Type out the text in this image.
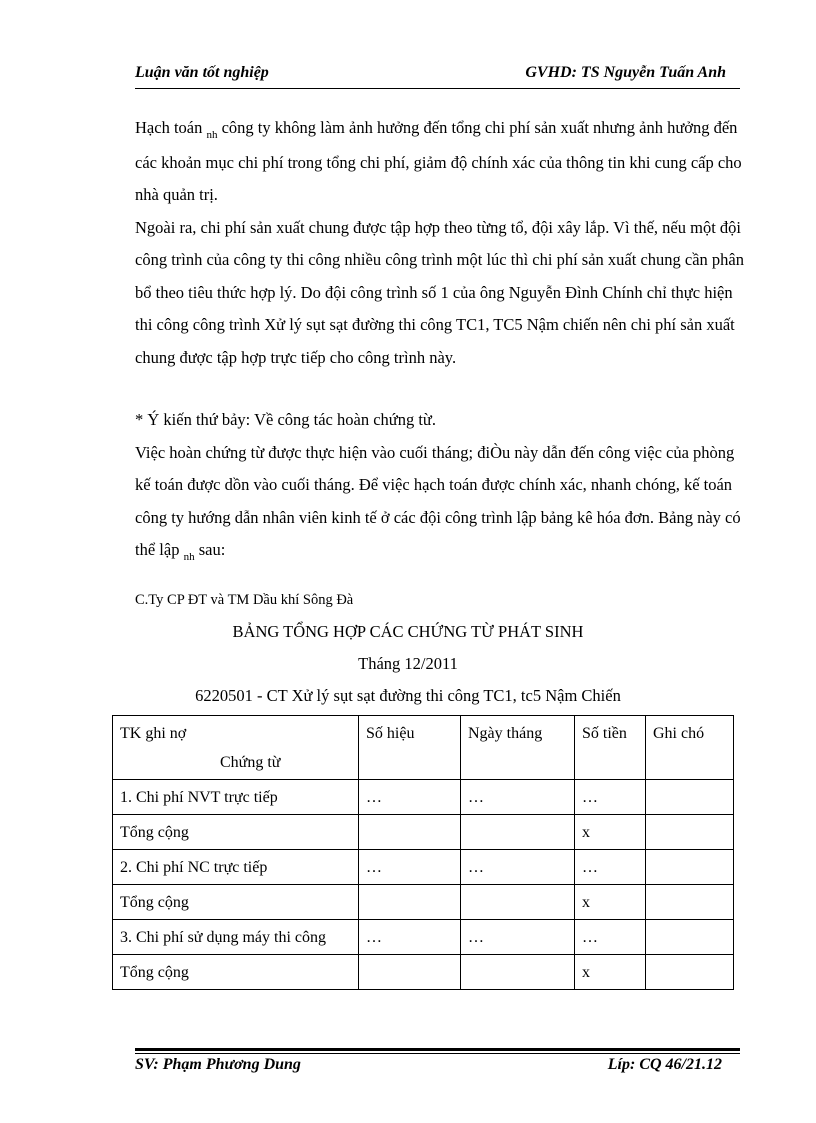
Luận văn tốt nghiệp	GVHD: TS Nguyễn Tuấn Anh

Hạch toán $_{nh}$ công ty không làm ảnh hưởng đến tổng chi phí sản xuất nhưng ảnh hưởng đến các khoản mục chi phí trong tổng chi phí, giảm độ chính xác của thông tin khi cung cấp cho nhà quản trị.

Ngoài ra, chi phí sản xuất chung được tập hợp theo từng tổ, đội xây lắp. Vì thế, nếu một đội công trình của công ty thi công nhiều công trình một lúc thì chi phí sản xuất chung cần phân bổ theo tiêu thức hợp lý. Do đội công trình số 1 của ông Nguyễn Đình Chính chỉ thực hiện thi công công trình Xử lý sụt sạt đường thi công TC1, TC5 Nậm chiến nên chi phí sản xuất chung được tập hợp trực tiếp cho công trình này.

* Ý kiến thứ bảy: Về công tác hoàn chứng từ.

Việc hoàn chứng từ được thực hiện vào cuối tháng; điÒu này dẫn đến công việc của phòng kế toán được dồn vào cuối tháng. Để việc hạch toán được chính xác, nhanh chóng, kế toán công ty hướng dẫn nhân viên kinh tế ở các đội công trình lập bảng kê hóa đơn. Bảng này có thể lập $_{nh}$ sau:

C.Ty CP ĐT và TM Dầu khí Sông Đà
BẢNG TỔNG HỢP CÁC CHỨNG TỪ PHÁT SINH
Tháng 12/2011
6220501 - CT Xử lý sụt sạt đường thi công TC1, tc5 Nậm Chiến
TK ghi nợ
Chứng từ	Số hiệu	Ngày tháng	Số tiền	Ghi chó
1. Chi phí NVT trực tiếp	…	…	…	
Tổng cộng			x	
2. Chi phí NC trực tiếp	…	…	…	
Tổng cộng			x	
3. Chi phí sử dụng máy thi công	…	…	…	
Tổng cộng			x	
SV: Phạm Phương Dung	Líp: CQ 46/21.12
